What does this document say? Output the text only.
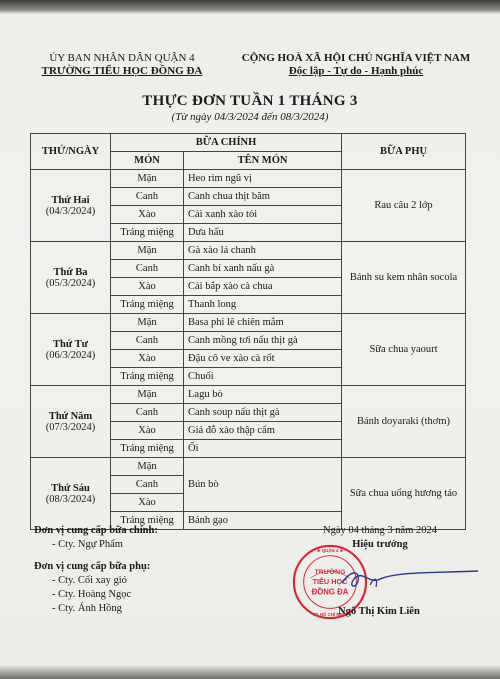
ỦY BAN NHÂN DÂN QUẬN 4
TRƯỜNG TIỂU HỌC ĐỒNG ĐA
CỘNG HOÀ XÃ HỘI CHỦ NGHĨA VIỆT NAM
Độc lập - Tự do - Hạnh phúc
THỰC ĐƠN TUẦN 1 THÁNG 3
(Từ ngày 04/3/2024 đến 08/3/2024)
THỨ/NGÀY	BỮA CHÍNH		BỮA PHỤ
	MÓN	TÊN MÓN	

Thứ Hai
(04/3/2024)	Mặn	Heo rim ngũ vị	Rau câu 2 lớp
	Canh	Canh chua thịt băm	
	Xào	Cải xanh xào tỏi	
	Tráng miệng	Dưa hấu	

Thứ Ba
(05/3/2024)	Mặn	Gà xào lá chanh	Bánh su kem nhân socola
	Canh	Canh bí xanh nấu gà	
	Xào	Cải bắp xào cà chua	
	Tráng miệng	Thanh long	

Thứ Tư
(06/3/2024)	Mặn	Basa phi lê chiên mắm	Sữa chua yaourt
	Canh	Canh mồng tơi nấu thịt gà	
	Xào	Đậu cô ve xào cà rốt	
	Tráng miệng	Chuối	

Thứ Năm
(07/3/2024)	Mặn	Lagu bò	Bánh doyaraki (thơm)
	Canh	Canh soup nấu thịt gà	
	Xào	Giá đỗ xào thập cẩm	
	Tráng miệng	Ổi	

Thứ Sáu
(08/3/2024)	Mặn	Bún bò	Sữa chua uống hương táo
	Canh		
	Xào		
	Tráng miệng	Bánh gạo	
Đơn vị cung cấp bữa chính:
- Cty. Ngự Phẩm
Đơn vị cung cấp bữa phụ:
- Cty. Cối xay gió
- Cty. Hoàng Ngọc
- Cty. Ánh Hồng
Ngày 04 tháng 3 năm 2024
Hiệu trưởng
TRƯỜNG
TIỂU HỌC
ĐỒNG ĐA
★ QUẬN 4 ★
TP. HỒ CHÍ MINH
Ngô Thị Kim Liên
